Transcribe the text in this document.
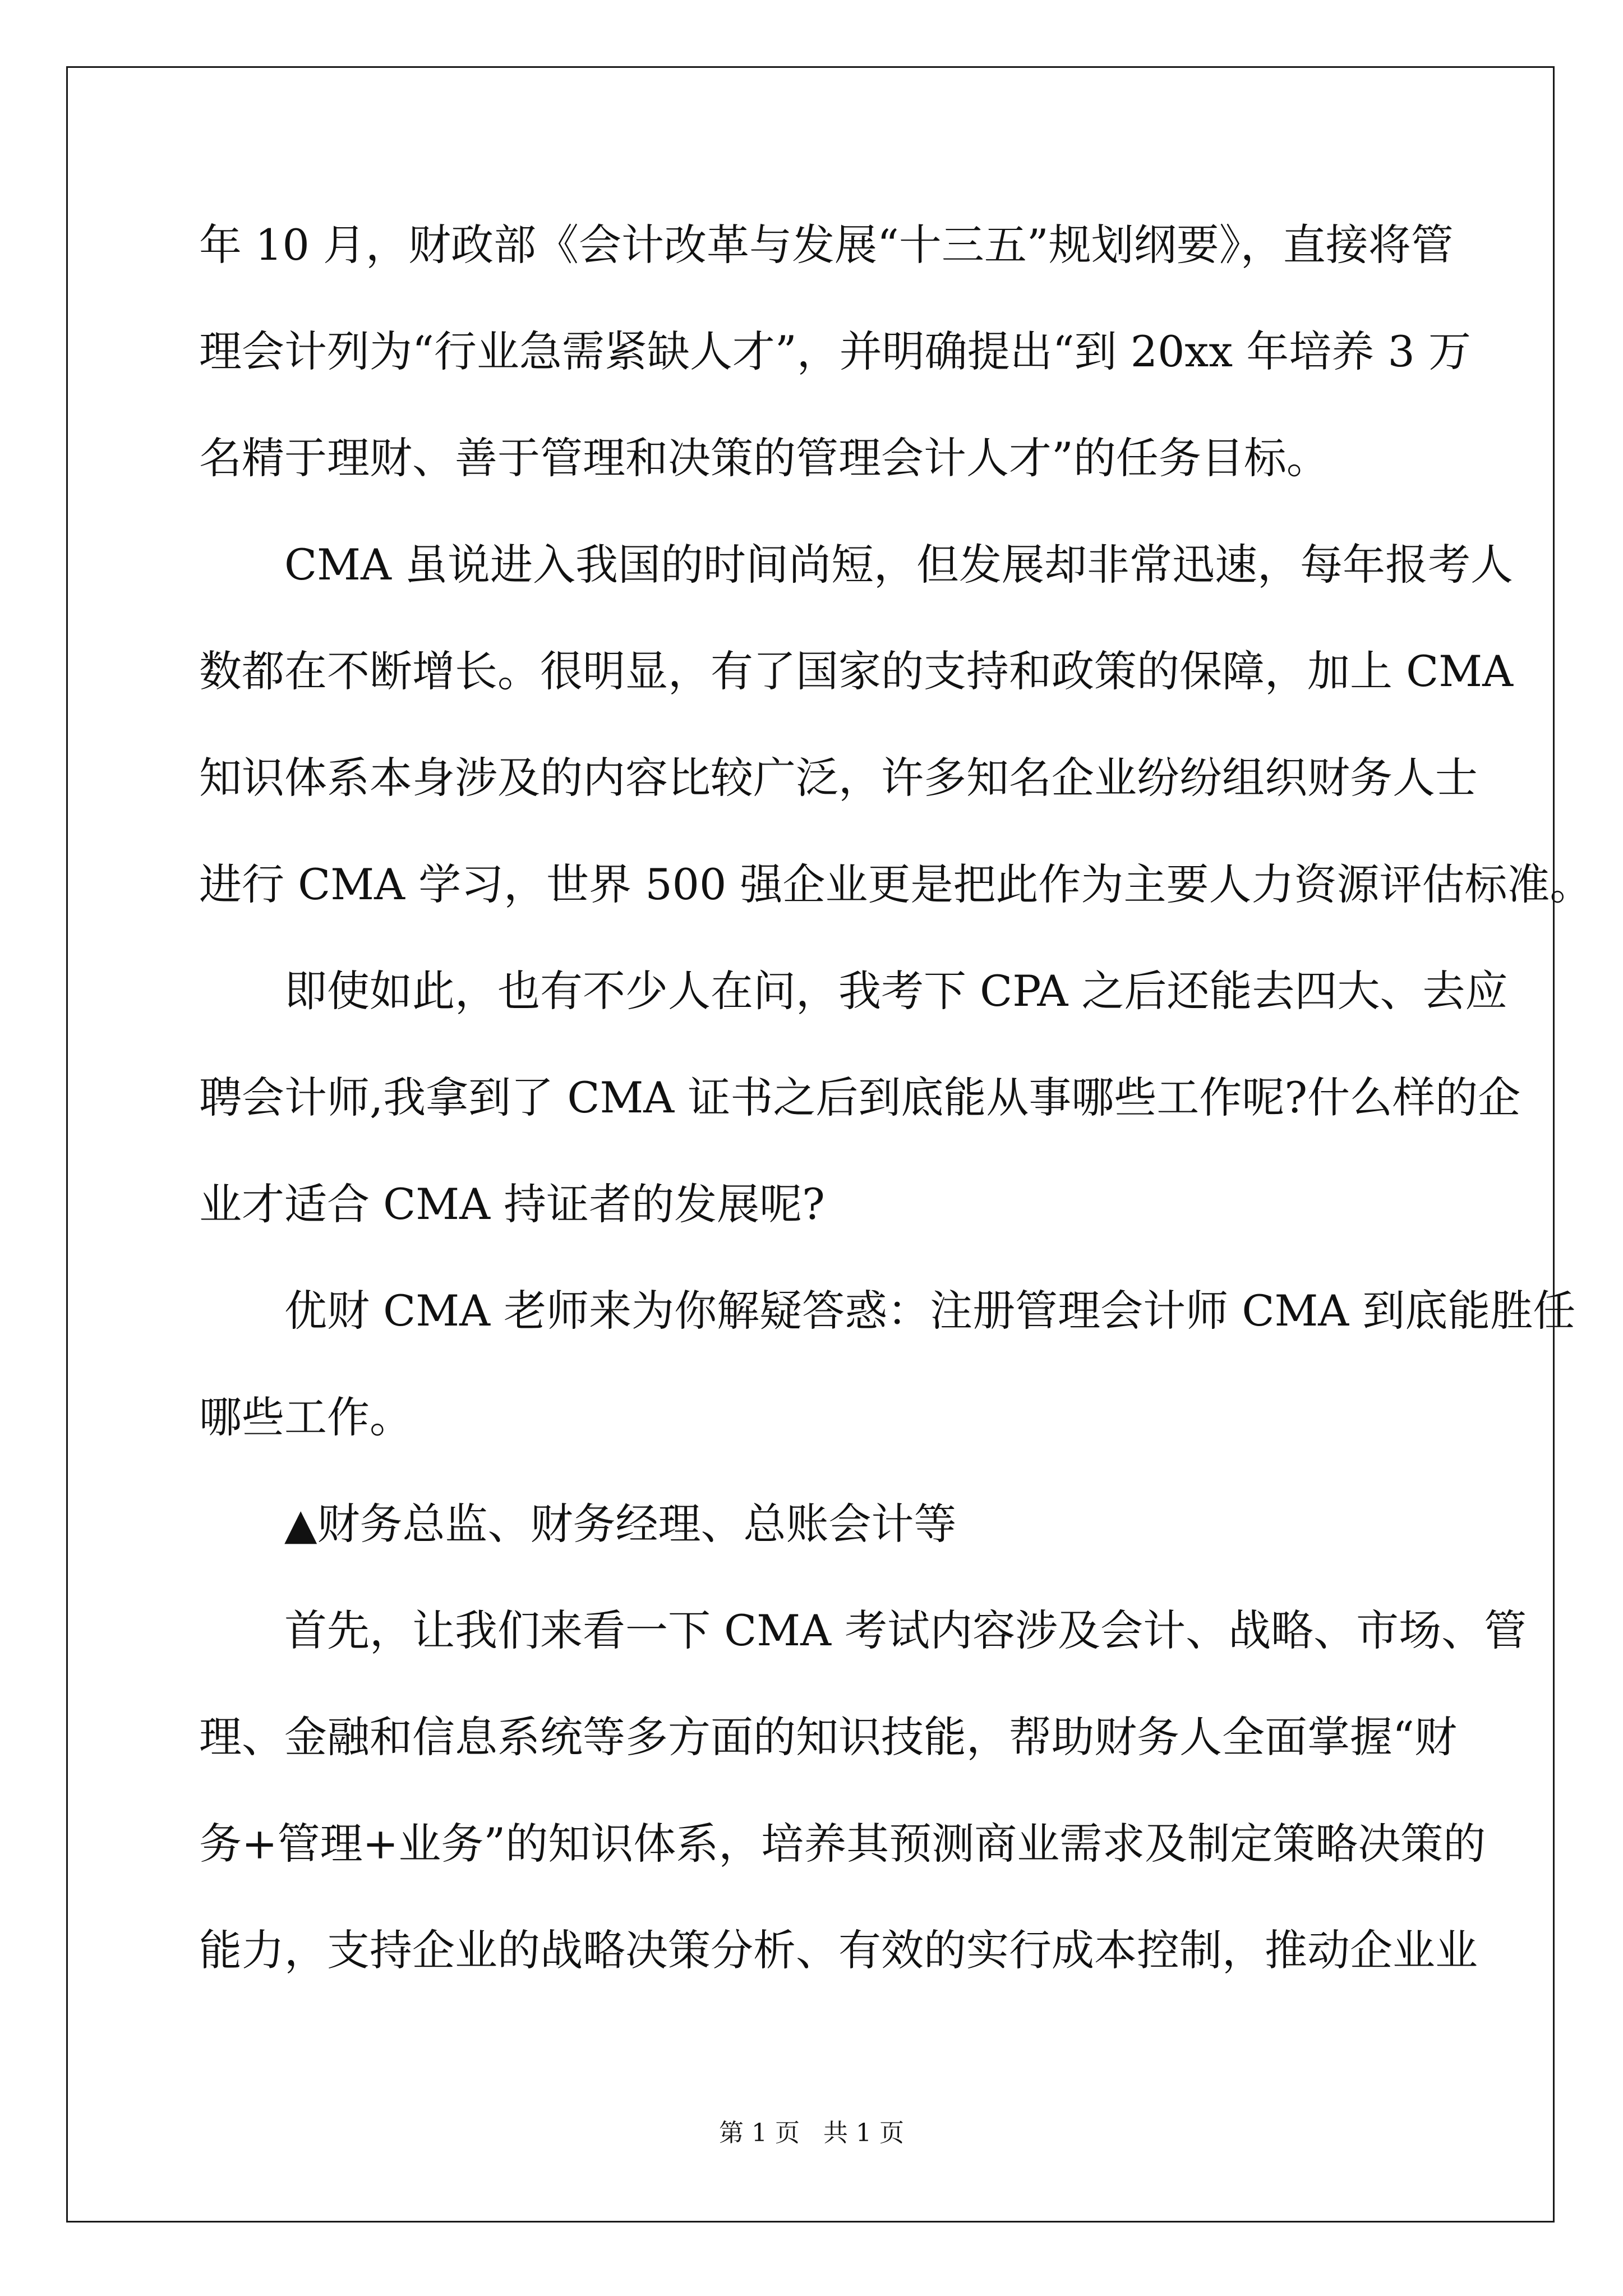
年 10 月，财政部《会计改革与发展“十三五”规划纲要》，直接将管
理会计列为“行业急需紧缺人才”，并明确提出“到 20xx 年培养 3 万
名精于理财、善于管理和决策的管理会计人才”的任务目标。
CMA 虽说进入我国的时间尚短，但发展却非常迅速，每年报考人
数都在不断增长。很明显，有了国家的支持和政策的保障，加上 CMA
知识体系本身涉及的内容比较广泛，许多知名企业纷纷组织财务人士
进行 CMA 学习，世界 500 强企业更是把此作为主要人力资源评估标准。
即使如此，也有不少人在问，我考下 CPA 之后还能去四大、去应
聘会计师,我拿到了 CMA 证书之后到底能从事哪些工作呢?什么样的企
业才适合 CMA 持证者的发展呢?
优财 CMA 老师来为你解疑答惑：注册管理会计师 CMA 到底能胜任
哪些工作。
▲财务总监、财务经理、总账会计等
首先，让我们来看一下 CMA 考试内容涉及会计、战略、市场、管
理、金融和信息系统等多方面的知识技能，帮助财务人全面掌握“财
务+管理+业务”的知识体系，培养其预测商业需求及制定策略决策的
能力，支持企业的战略决策分析、有效的实行成本控制，推动企业业
第 1 页   共 1 页
